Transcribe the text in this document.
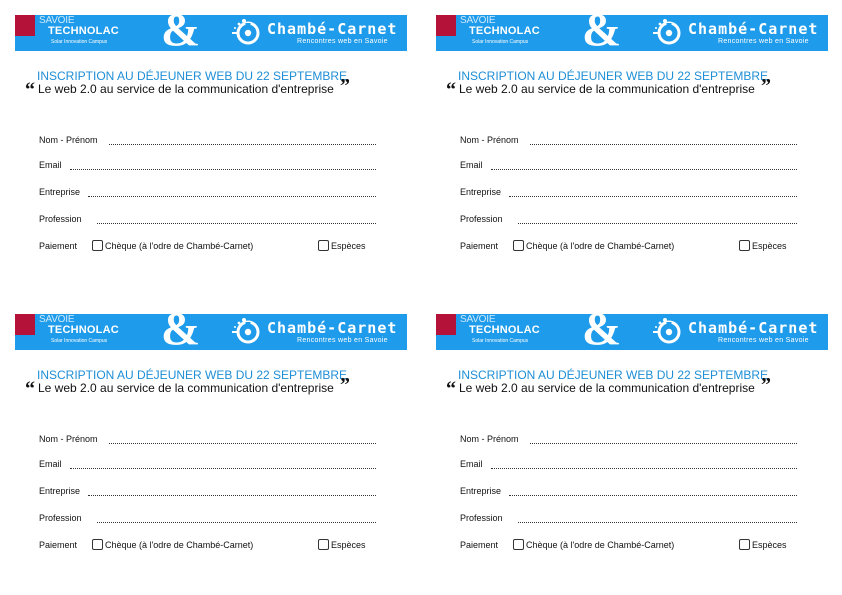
SAVOIE
TECHNOLAC
Solar Innovation Campus &	Chambé-Carnet
Rencontres web en Savoie
INSCRIPTION AU DÉJEUNER WEB DU 22 SEPTEMBRE
“ Le web 2.0 au service de la communication d'entreprise ”
Nom - Prénom
Email
Entreprise
Profession
Paiement	Chèque (à l'odre de Chambé-Carnet)	Espèces
SAVOIE
TECHNOLAC
Solar Innovation Campus &	Chambé-Carnet
Rencontres web en Savoie
INSCRIPTION AU DÉJEUNER WEB DU 22 SEPTEMBRE
“ Le web 2.0 au service de la communication d'entreprise ”
Nom - Prénom
Email
Entreprise
Profession
Paiement	Chèque (à l'odre de Chambé-Carnet)	Espèces
SAVOIE
TECHNOLAC
Solar Innovation Campus &	Chambé-Carnet
Rencontres web en Savoie
INSCRIPTION AU DÉJEUNER WEB DU 22 SEPTEMBRE
“ Le web 2.0 au service de la communication d'entreprise ”
Nom - Prénom
Email
Entreprise
Profession
Paiement	Chèque (à l'odre de Chambé-Carnet)	Espèces
SAVOIE
TECHNOLAC
Solar Innovation Campus &	Chambé-Carnet
Rencontres web en Savoie
INSCRIPTION AU DÉJEUNER WEB DU 22 SEPTEMBRE
“ Le web 2.0 au service de la communication d'entreprise ”
Nom - Prénom
Email
Entreprise
Profession
Paiement	Chèque (à l'odre de Chambé-Carnet)	Espèces
